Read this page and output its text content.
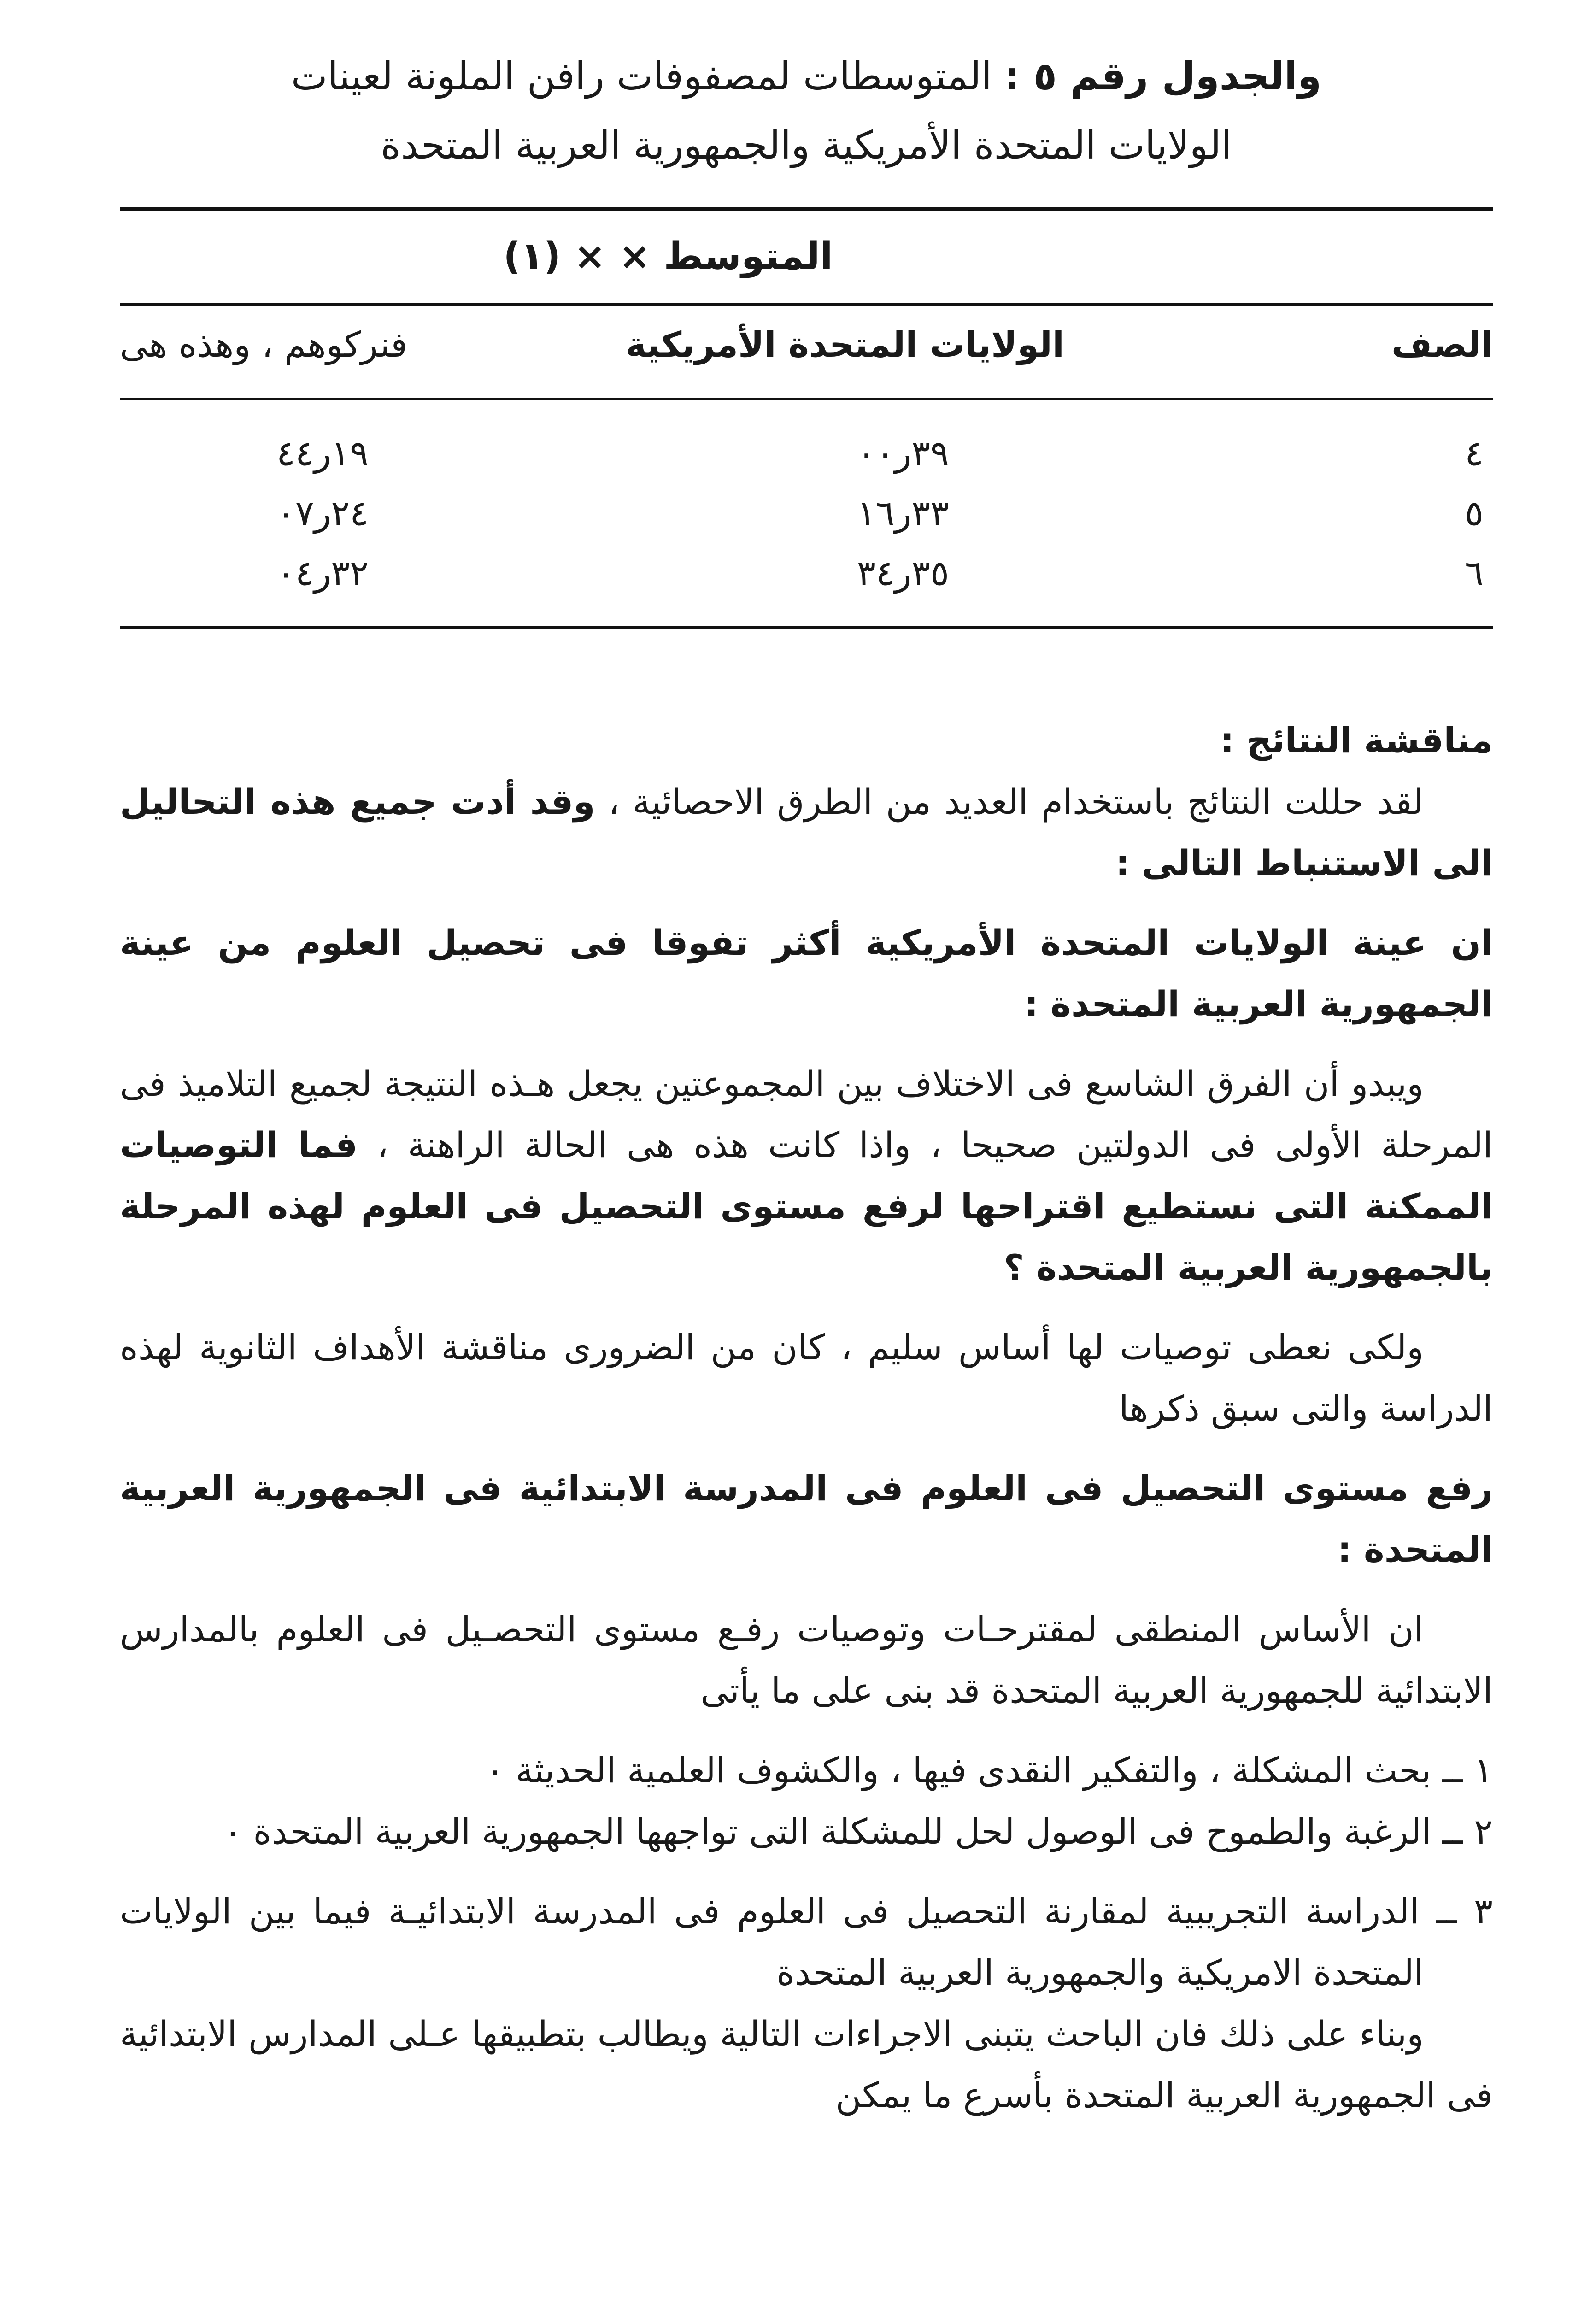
والجدول رقم ٥ : المتوسطات لمصفوفات رافن الملونة لعينات
الولايات المتحدة الأمريكية والجمهورية العربية المتحدة

المتوسط × × (١)
الصف
الولايات المتحدة الأمريكية
فنركوهم ، وهذه هى
٤
٣٩ر٠٠
١٩ر٤٤
٥
٣٣ر١٦
٢٤ر٠٧
٦
٣٥ر٣٤
٣٢ر٠٤

مناقشة النتائج :

لقد حللت النتائج باستخدام العديد من الطرق الاحصائية ، وقد أدت جميع هذه التحاليل الى الاستنباط التالى :

ان عينة الولايات المتحدة الأمريكية أكثر تفوقا فى تحصيل العلوم من عينة الجمهورية العربية المتحدة :

ويبدو أن الفرق الشاسع فى الاختلاف بين المجموعتين يجعل هـذه النتيجة لجميع التلاميذ فى المرحلة الأولى فى الدولتين صحيحا ، واذا كانت هذه هى الحالة الراهنة ، فما التوصيات الممكنة التى نستطيع اقتراحها لرفع مستوى التحصيل فى العلوم لهذه المرحلة بالجمهورية العربية المتحدة ؟

ولكى نعطى توصيات لها أساس سليم ، كان من الضرورى مناقشة الأهداف الثانوية لهذه الدراسة والتى سبق ذكرها

رفع مستوى التحصيل فى العلوم فى المدرسة الابتدائية فى الجمهورية العربية المتحدة :

ان الأساس المنطقى لمقترحـات وتوصيات رفـع مستوى التحصـيل فى العلوم بالمدارس الابتدائية للجمهورية العربية المتحدة قد بنى على ما يأتى

١ ــ بحث المشكلة ، والتفكير النقدى فيها ، والكشوف العلمية الحديثة ٠

٢ ــ الرغبة والطموح فى الوصول لحل للمشكلة التى تواجهها الجمهورية العربية المتحدة ٠

٣ ــ الدراسة التجريبية لمقارنة التحصيل فى العلوم فى المدرسة الابتدائيـة فيما بين الولايات المتحدة الامريكية والجمهورية العربية المتحدة

وبناء على ذلك فان الباحث يتبنى الاجراءات التالية ويطالب بتطبيقها عـلى المدارس الابتدائية فى الجمهورية العربية المتحدة بأسرع ما يمكن
